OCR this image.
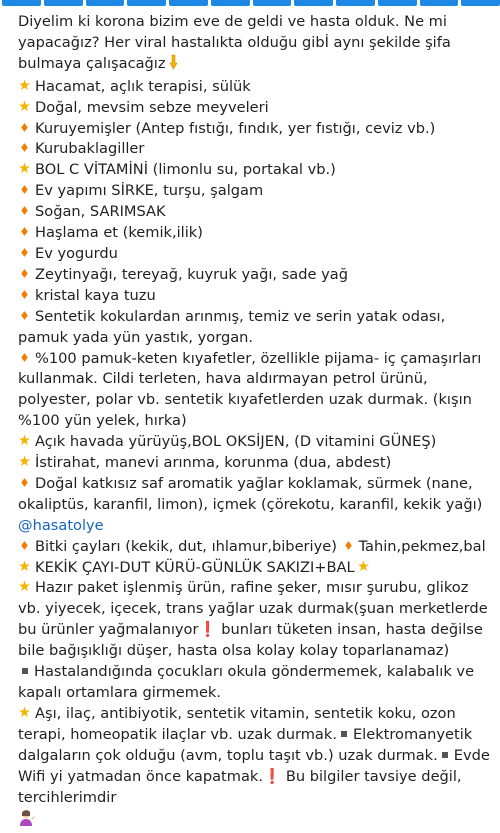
Diyelim ki korona bizim eve de geldi ve hasta olduk. Ne mi yapacağız? Her viral hastalıkta olduğu gibİ aynı şekilde şifa bulmaya çalışacağız
Hacamat, açlık terapisi, sülük
Doğal, mevsim sebze meyveleri
Kuruyemişler (Antep fıstığı, fındık, yer fıstığı, ceviz vb.)
Kurubaklagiller
BOL C VİTAMİNİ (limonlu su, portakal vb.)
Ev yapımı SİRKE, turşu, şalgam
Soğan, SARIMSAK
Haşlama et (kemik,ilik)
Ev yogurdu
Zeytinyağı, tereyağ, kuyruk yağı, sade yağ
kristal kaya tuzu
Sentetik kokulardan arınmış, temiz ve serin yatak odası, pamuk yada yün yastık, yorgan.
%100 pamuk-keten kıyafetler, özellikle pijama- iç çamaşırları kullanmak. Cildi terleten, hava aldırmayan petrol ürünü, polyester, polar vb. sentetik kıyafetlerden uzak durmak. (kışın %100 yün yelek, hırka)
Açık havada yürüyüş,BOL OKSİJEN, (D vitamini GÜNEŞ)
İstirahat, manevi arınma, korunma (dua, abdest)
Doğal katkısız saf aromatik yağlar koklamak, sürmek (nane, okaliptüs, karanfil, limon), içmek (çörekotu, karanfil, kekik yağı)
@hasatolye
Bitki çayları (kekik, dut, ıhlamur,biberiye) Tahin,pekmez,bal
KEKİK ÇAYI-DUT KÜRÜ-GÜNLÜK SAKIZI+BAL
Hazır paket işlenmiş ürün, rafine şeker, mısır şurubu, glikoz vb. yiyecek, içecek, trans yağlar uzak durmak(şuan merketlerde bu ürünler yağmalanıyor❗ bunları tüketen insan, hasta değilse bile bağışıklığı düşer, hasta olsa kolay kolay toparlanamaz)
Hastalandığında çocukları okula göndermemek, kalabalık ve kapalı ortamlara girmemek.
Aşı, ilaç, antibiyotik, sentetik vitamin, sentetik koku, ozon terapi, homeopatik ilaçlar vb. uzak durmak. Elektromanyetik dalgaların çok olduğu (avm, toplu taşıt vb.) uzak durmak. Evde Wifi yi yatmadan önce kapatmak.❗ Bu bilgiler tavsiye değil, tercihlerimdir
